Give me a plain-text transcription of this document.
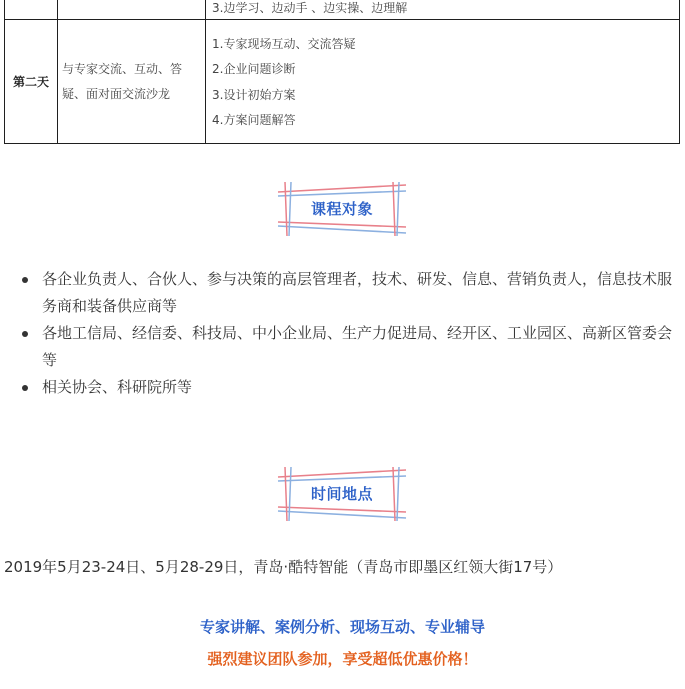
		3.边学习、边动手 、边实操、边理解
第二天	与专家交流、互动、答疑、面对面交流沙龙	1.专家现场互动、交流答疑
2.企业问题诊断
3.设计初始方案
4.方案问题解答
课程对象
各企业负责人、合伙人、参与决策的高层管理者，技术、研发、信息、营销负责人，信息技术服务商和装备供应商等
各地工信局、经信委、科技局、中小企业局、生产力促进局、经开区、工业园区、高新区管委会等
相关协会、科研院所等
时间地点
2019年5月23-24日、5月28-29日，青岛·酷特智能（青岛市即墨区红领大街17号）
专家讲解、案例分析、现场互动、专业辅导
强烈建议团队参加，享受超低优惠价格！
